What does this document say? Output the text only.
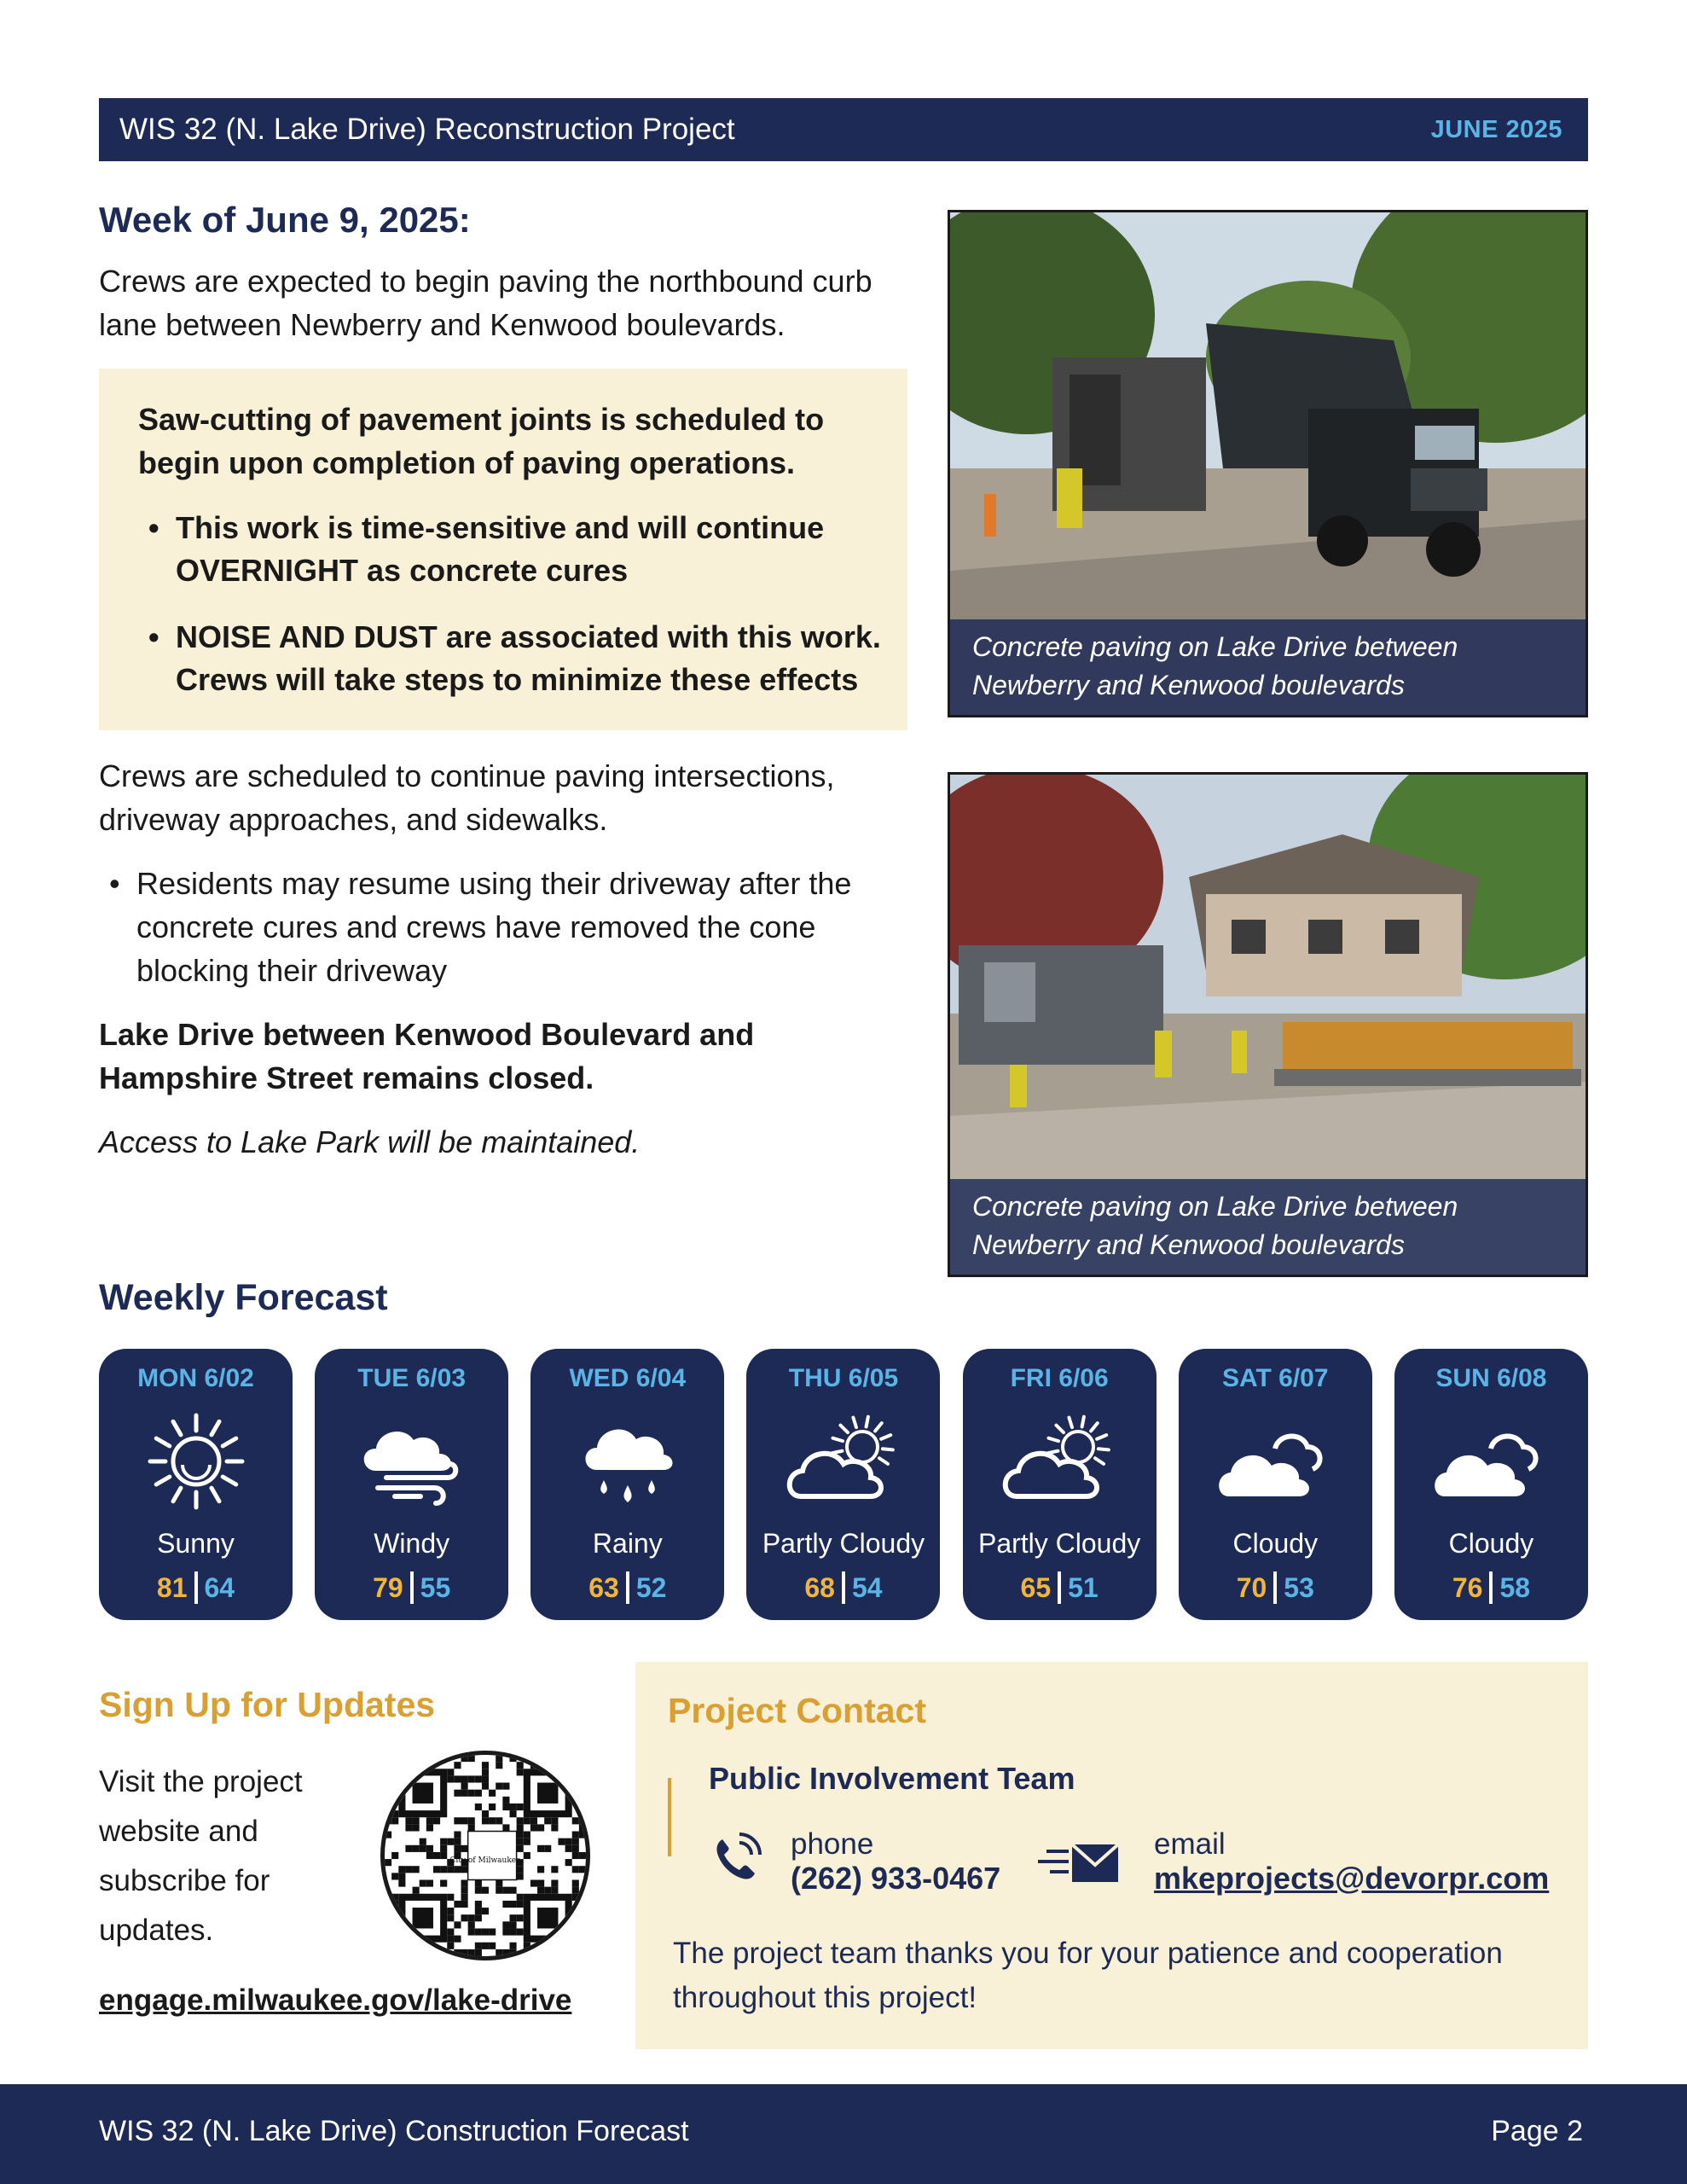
WIS 32 (N. Lake Drive) Reconstruction Project	JUNE 2025
Week of June 9, 2025:

Crews are expected to begin paving the northbound curb lane between Newberry and Kenwood boulevards.

Saw-cutting of pavement joints is scheduled to begin upon completion of paving operations.

• This work is time-sensitive and will continue OVERNIGHT as concrete cures
• NOISE AND DUST are associated with this work. Crews will take steps to minimize these effects

Crews are scheduled to continue paving intersections, driveway approaches, and sidewalks.

• Residents may resume using their driveway after the concrete cures and crews have removed the cone blocking their driveway

Lake Drive between Kenwood Boulevard and Hampshire Street remains closed.

Access to Lake Park will be maintained.

Concrete paving on Lake Drive between Newberry and Kenwood boulevards
Concrete paving on Lake Drive between Newberry and Kenwood boulevards
Weekly Forecast
MON 6/02
Sunny
81 64
TUE 6/03
Windy
79 55
WED 6/04
Rainy
63 52
THU 6/05
Partly Cloudy
68 54
FRI 6/06
Partly Cloudy
65 51
SAT 6/07
Cloudy
70 53
SUN 6/08
Cloudy
76 58
Sign Up for Updates

Visit the project website and subscribe for updates.

City of Milwaukee
engage.milwaukee.gov/lake-drive
Project Contact
Public Involvement Team
phone
(262) 933-0467
email
mkeprojects@devorpr.com

The project team thanks you for your patience and cooperation throughout this project!

WIS 32 (N. Lake Drive) Construction Forecast	Page 2
